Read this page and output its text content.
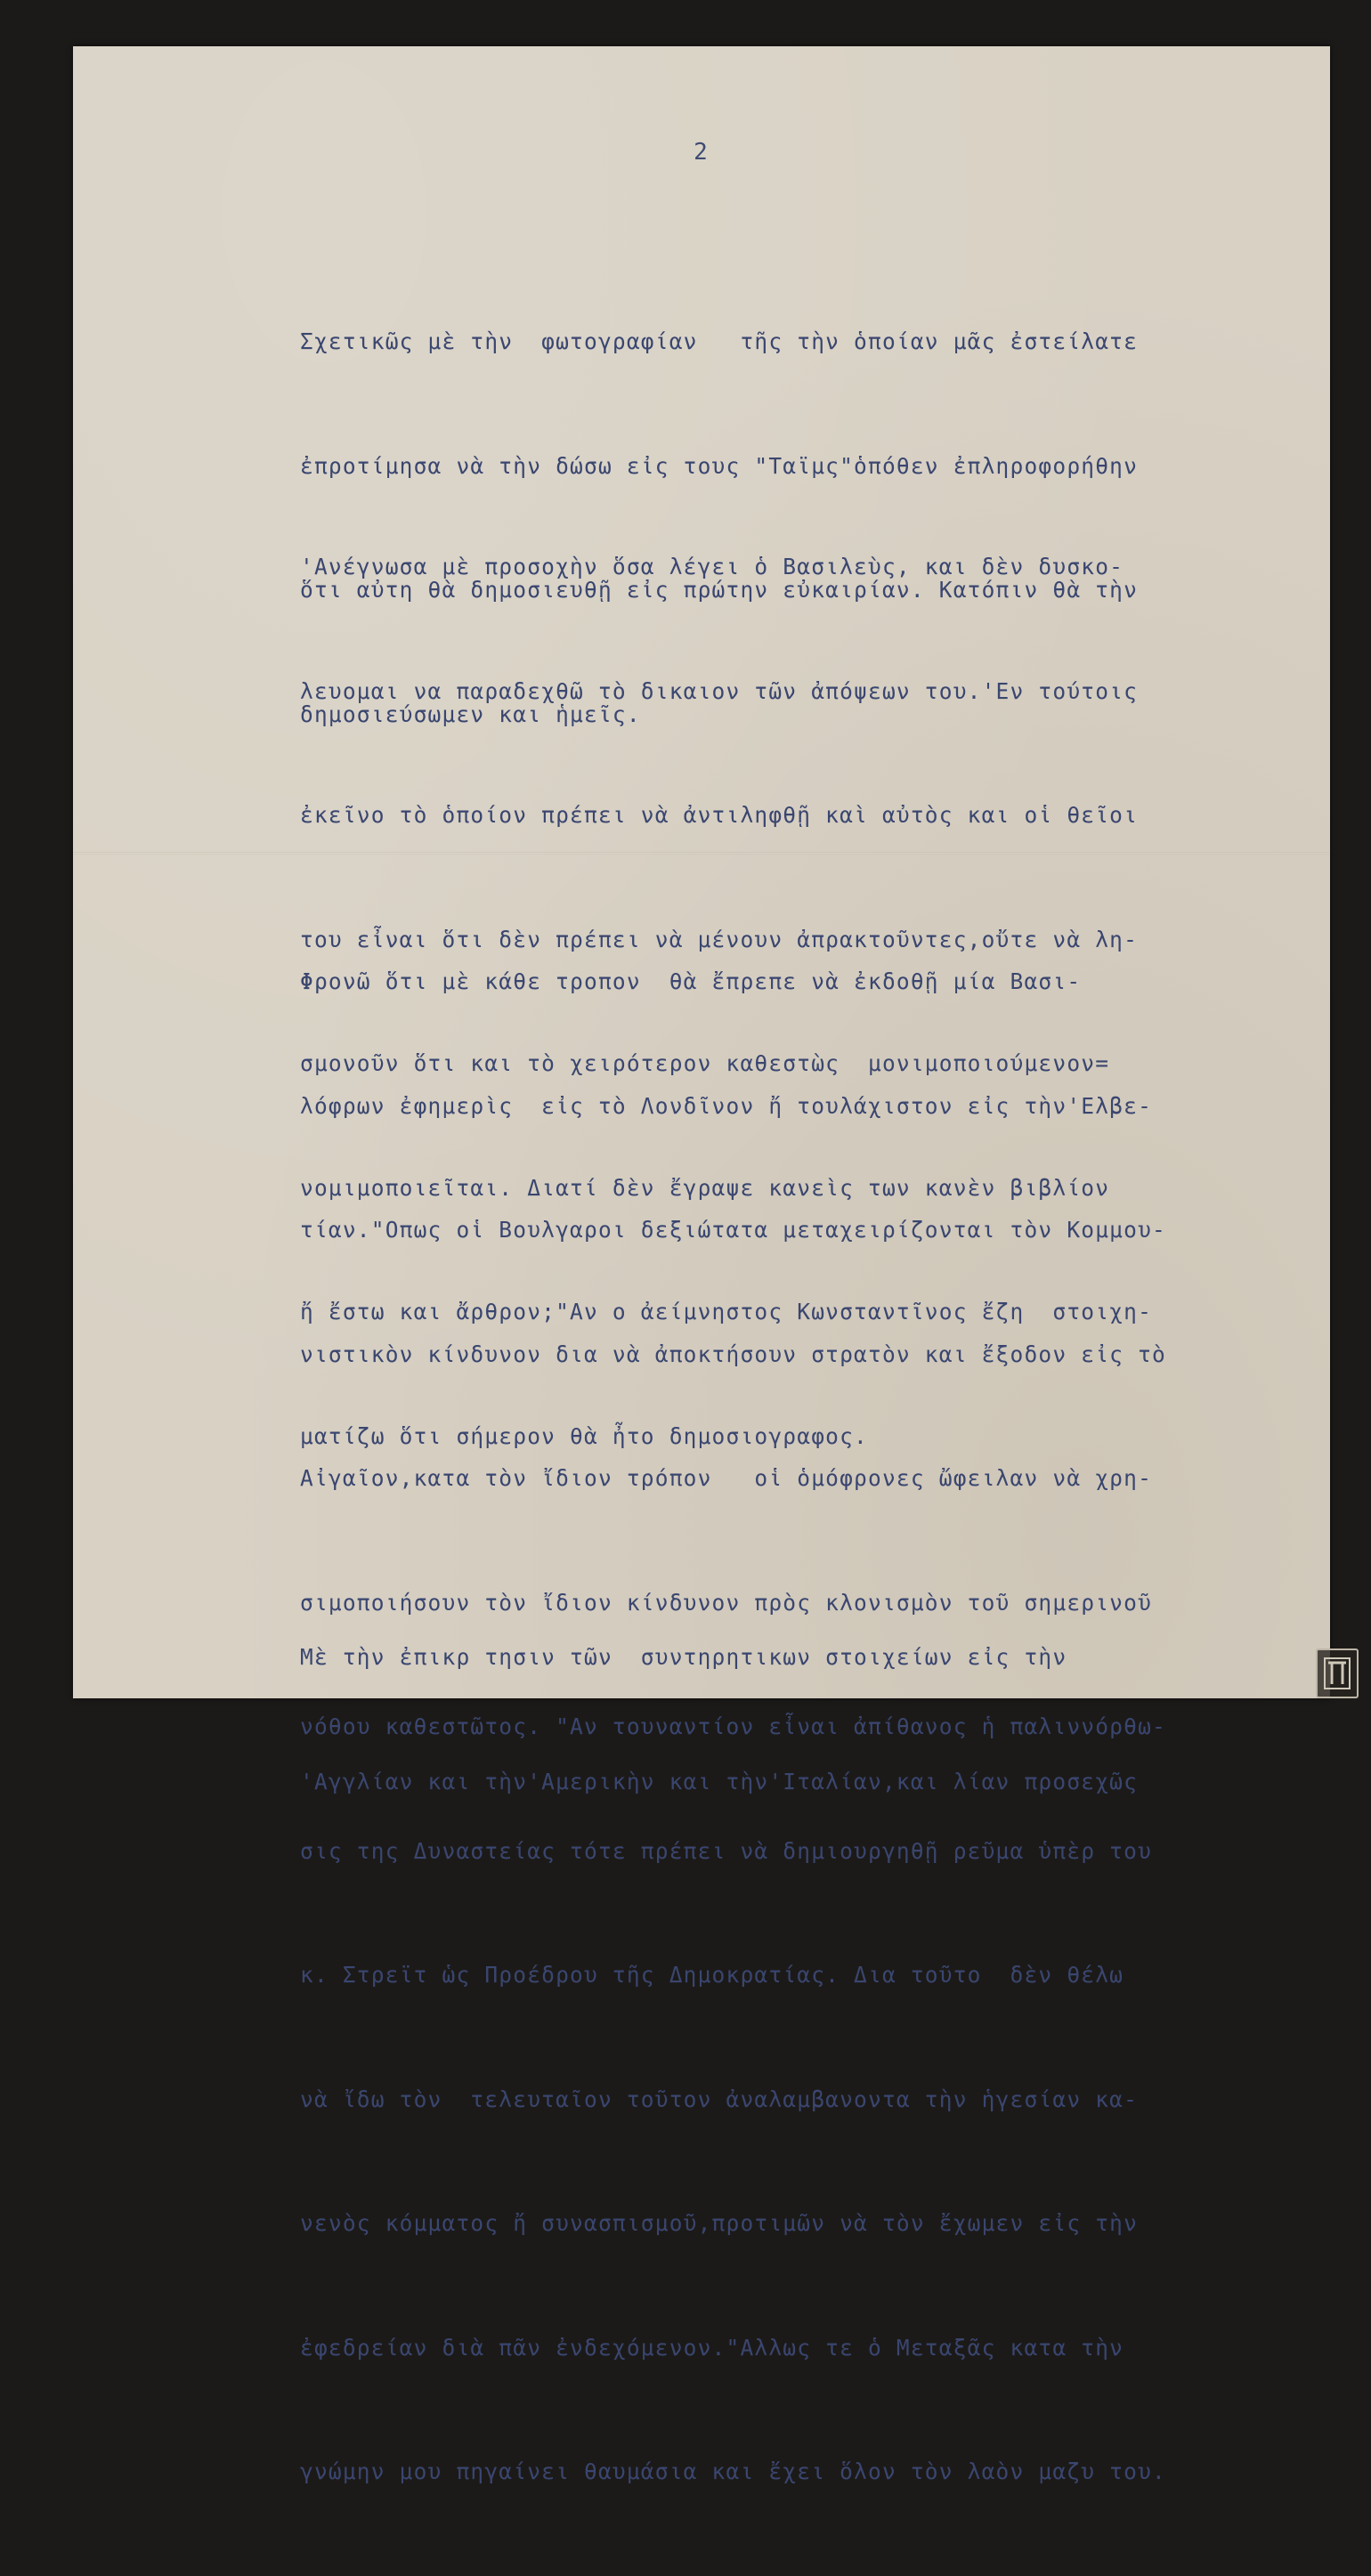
2

Σχετικῶς μὲ τὴν  φωτογραφίαν   τῆς τὴν ὁποίαν μᾶς ἐστείλατε

ἐπροτίμησα νὰ τὴν δώσω εἰς τους "Ταϊμς"ὁπόθεν ἐπληροφορήθην

ὅτι αὐτη θὰ δημοσιευθῇ εἰς πρώτην εὐκαιρίαν. Κατόπιν θὰ τὴν

δημοσιεύσωμεν και ἡμεῖς.

'Ανέγνωσα μὲ προσοχὴν ὅσα λέγει ὁ Βασιλεὺς, και δὲν δυσκο-

λευομαι να παραδεχθῶ τὸ δικαιον τῶν ἀπόψεων του.'Εν τούτοις

ἐκεῖνο τὸ ὁποίον πρέπει νὰ ἀντιληφθῇ καὶ αὐτὸς και οἱ θεῖοι

του εἶναι ὅτι δὲν πρέπει νὰ μένουν ἀπρακτοῦντες,οὔτε νὰ λη-

σμονοῦν ὅτι και τὸ χειρότερον καθεστὼς  μονιμοποιούμενον=

νομιμοποιεῖται. Διατί δὲν ἔγραψε κανεὶς των κανὲν βιβλίον

ἤ ἔστω και ἄρθρον;"Αν ο ἀείμνηστος Κωνσταντῖνος ἔζη  στοιχη-

ματίζω ὅτι σήμερον θὰ ἦτο δημοσιογραφος.

Φρονῶ ὅτι μὲ κάθε τροπον  θὰ ἔπρεπε νὰ ἐκδοθῇ μία Βασι-

λόφρων ἐφημερὶς  εἰς τὸ Λονδῖνον ἤ τουλάχιστον εἰς τὴν'Ελβε-

τίαν."Οπως οἱ Βουλγαροι δεξιώτατα μεταχειρίζονται τὸν Κομμου-

νιστικὸν κίνδυνον δια νὰ ἀποκτήσουν στρατὸν και ἔξοδον εἰς τὸ

Αἰγαῖον,κατα τὸν ἴδιον τρόπον   οἱ ὁμόφρονες ὤφειλαν νὰ χρη-

σιμοποιήσουν τὸν ἴδιον κίνδυνον πρὸς κλονισμὸν τοῦ σημερινοῦ

νόθου καθεστῶτος. "Αν τουναντίον εἶναι ἀπίθανος ἡ παλιννόρθω-

σις της Δυναστείας τότε πρέπει νὰ δημιουργηθῇ ρεῦμα ὑπὲρ του

κ. Στρεϊτ ὡς Προέδρου τῆς Δημοκρατίας. Δια τοῦτο  δὲν θέλω

νὰ ἴδω τὸν  τελευταῖον τοῦτον ἀναλαμβανοντα τὴν ἡγεσίαν κα-

νενὸς κόμματος ἤ συνασπισμοῦ,προτιμῶν νὰ τὸν ἔχωμεν εἰς τὴν

ἐφεδρείαν διὰ πᾶν ἐνδεχόμενον."Αλλως τε ὁ Μεταξᾶς κατα τὴν

γνώμην μου πηγαίνει θαυμάσια και ἔχει ὅλον τὸν λαὸν μαζυ του.

Μὲ τὴν ἐπικρ τησιν τῶν  συντηρητικων στοιχείων εἰς τὴν

'Αγγλίαν και τὴν'Αμερικὴν και τὴν'Ιταλίαν,και λίαν προσεχῶς
